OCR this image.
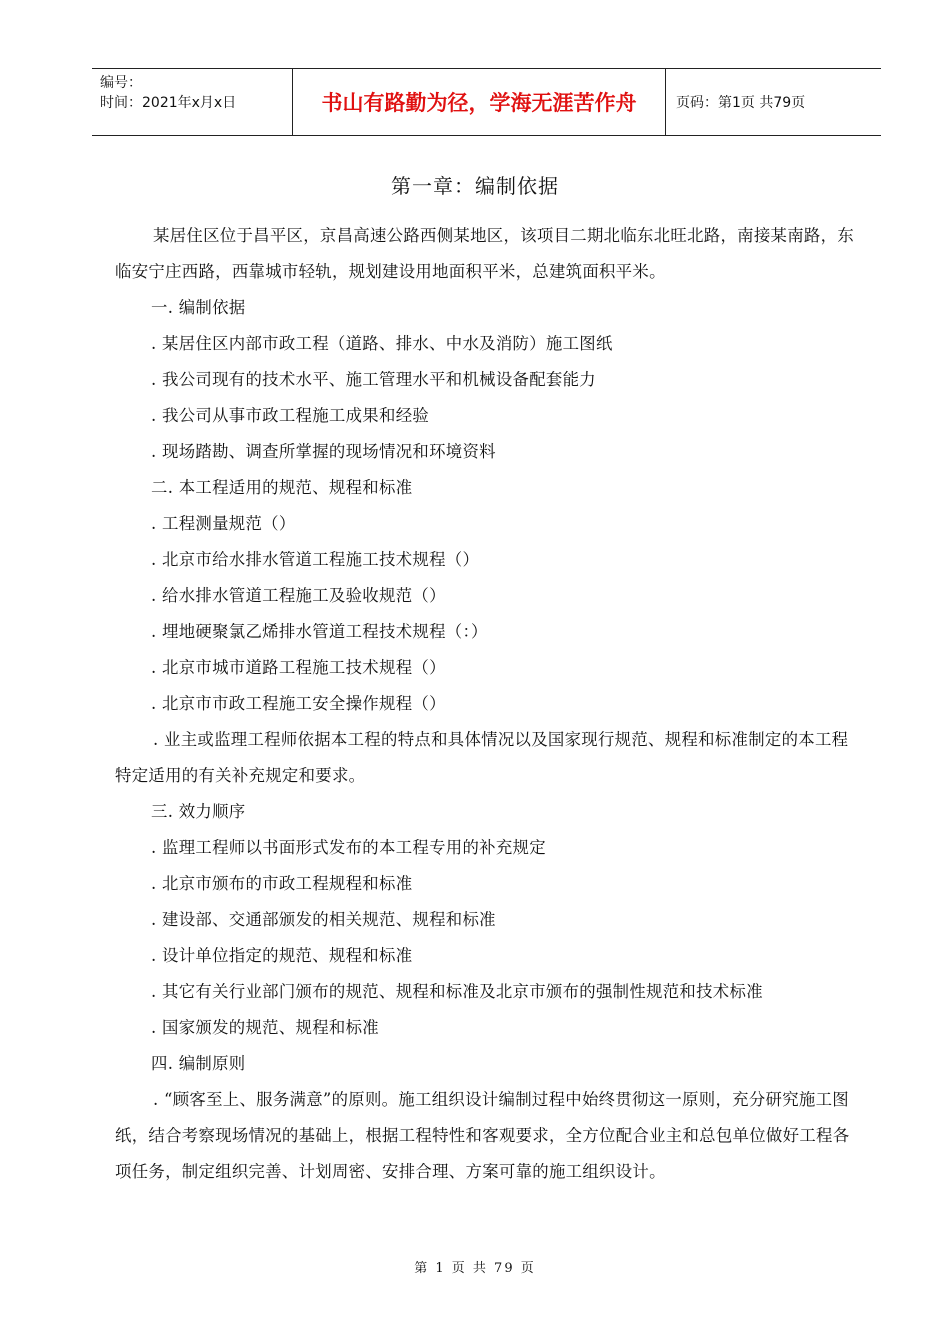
编号：
时间：2021年x月x日	书山有路勤为径，学海无涯苦作舟	页码：第1页 共79页
第一章：编制依据

某居住区位于昌平区，京昌高速公路西侧某地区，该项目二期北临东北旺北路，南接某南路，东临安宁庄西路，西靠城市轻轨，规划建设用地面积平米，总建筑面积平米。

一. 编制依据

. 某居住区内部市政工程（道路、排水、中水及消防）施工图纸

. 我公司现有的技术水平、施工管理水平和机械设备配套能力

. 我公司从事市政工程施工成果和经验

. 现场踏勘、调查所掌握的现场情况和环境资料

二. 本工程适用的规范、规程和标准

. 工程测量规范（）

. 北京市给水排水管道工程施工技术规程（）

. 给水排水管道工程施工及验收规范（）

. 埋地硬聚氯乙烯排水管道工程技术规程（：）

. 北京市城市道路工程施工技术规程（）

. 北京市市政工程施工安全操作规程（）

. 业主或监理工程师依据本工程的特点和具体情况以及国家现行规范、规程和标准制定的本工程特定适用的有关补充规定和要求。

三. 效力顺序

. 监理工程师以书面形式发布的本工程专用的补充规定

. 北京市颁布的市政工程规程和标准

. 建设部、交通部颁发的相关规范、规程和标准

. 设计单位指定的规范、规程和标准

. 其它有关行业部门颁布的规范、规程和标准及北京市颁布的强制性规范和技术标准

. 国家颁发的规范、规程和标准

四. 编制原则

. “顾客至上、服务满意”的原则。施工组织设计编制过程中始终贯彻这一原则，充分研究施工图纸，结合考察现场情况的基础上，根据工程特性和客观要求，全方位配合业主和总包单位做好工程各项任务，制定组织完善、计划周密、安排合理、方案可靠的施工组织设计。

第 1 页 共 79 页
